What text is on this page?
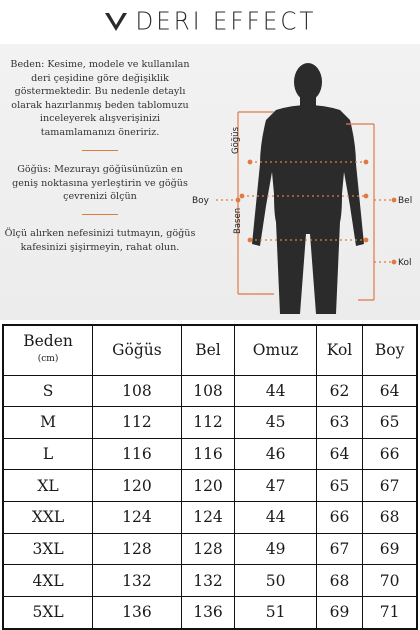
DERI EFFECT

Beden: Kesime, modele ve kullanılan deri çeşidine göre değişiklik göstermektedir. Bu nedenle detaylı olarak hazırlanmış beden tablomuzu inceleyerek alışverişinizi tamamlamanızı öneririz.

Göğüs: Mezurayı göğüsünüzün en geniş noktasına yerleştirin ve göğüs çevrenizi ölçün

Ölçü alırken nefesinizi tutmayın, göğüs kafesinizi şişirmeyin, rahat olun.

Göğüs
Basen
Boy	Bel
Kol
Beden
(cm)	Göğüs	Bel	Omuz	Kol	Boy
S	108	108	44	62	64
M	112	112	45	63	65
L	116	116	46	64	66
XL	120	120	47	65	67
XXL	124	124	44	66	68
3XL	128	128	49	67	69
4XL	132	132	50	68	70
5XL	136	136	51	69	71
